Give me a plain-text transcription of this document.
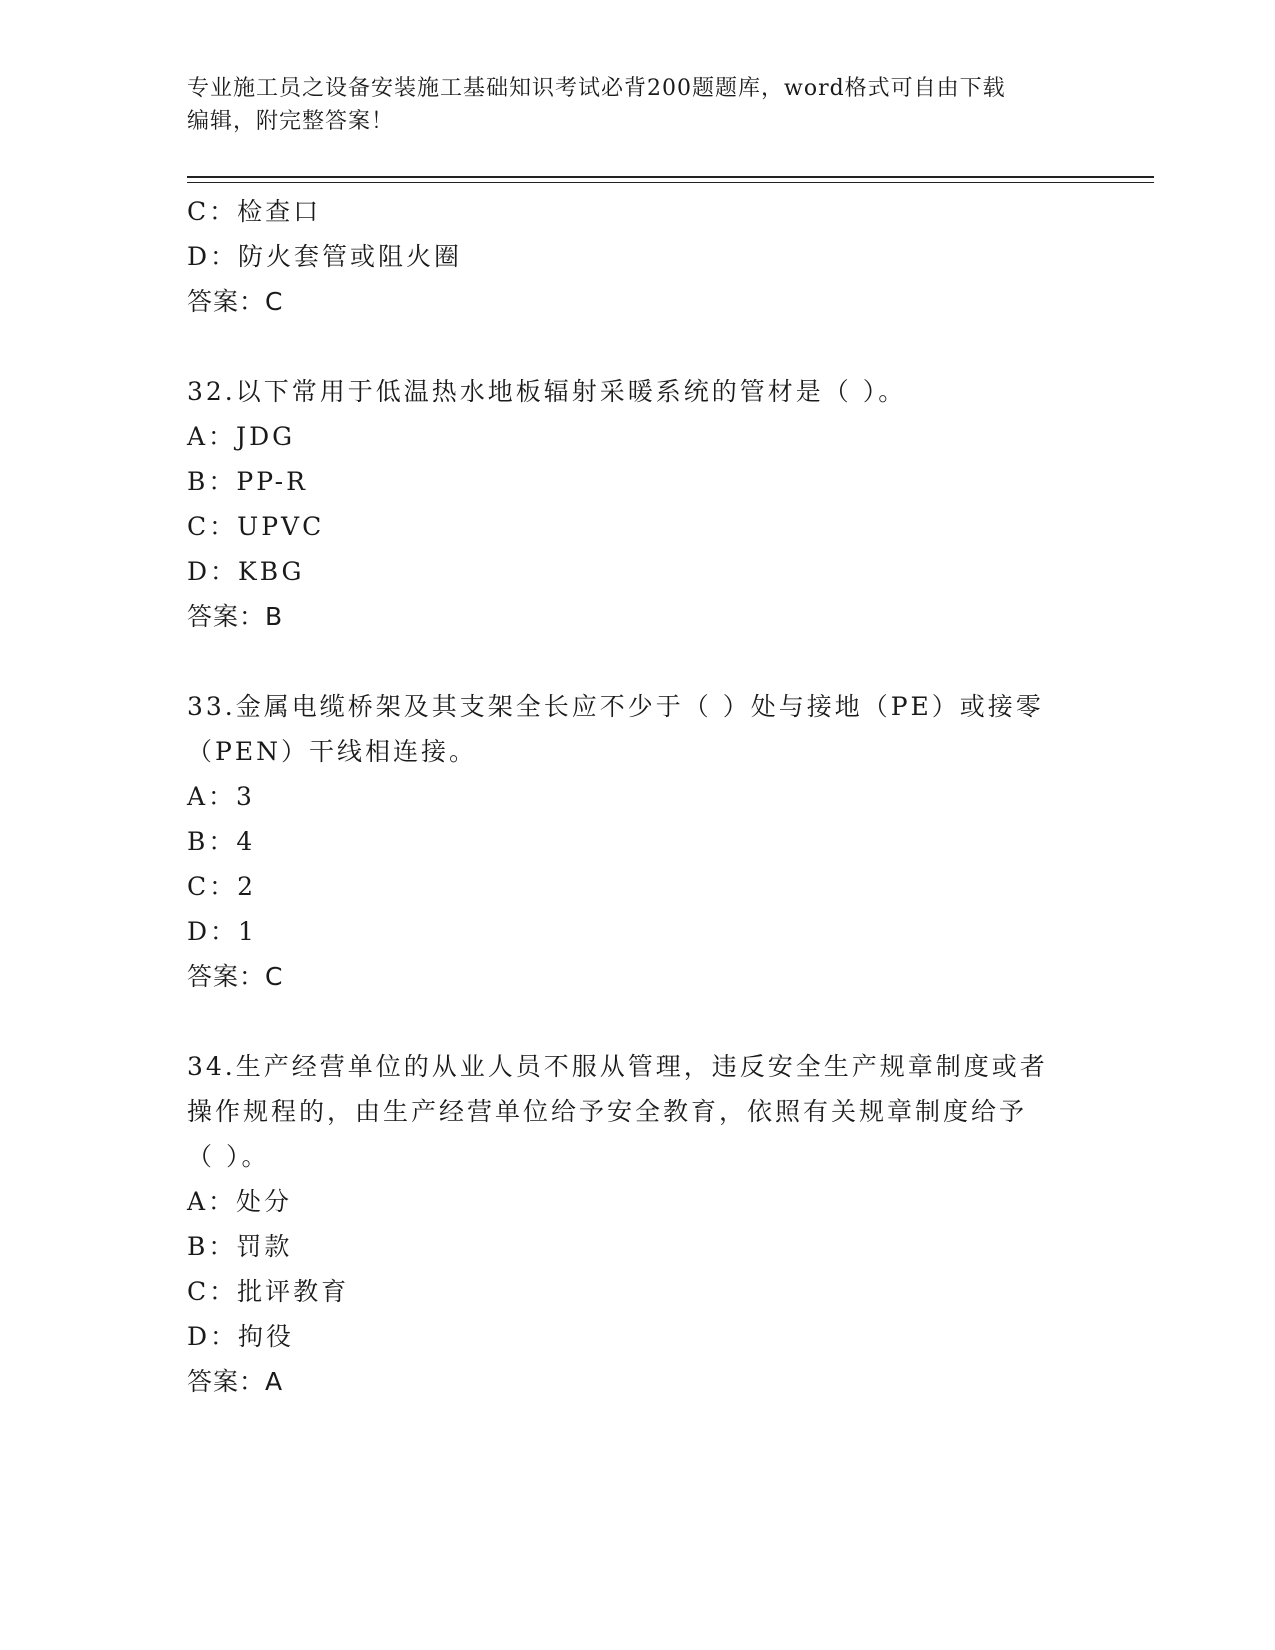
专业施工员之设备安装施工基础知识考试必背200题题库，word格式可自由下载
编辑，附完整答案！
C：检查口
D：防火套管或阻火圈
答案：C
32.以下常用于低温热水地板辐射采暖系统的管材是（ ）。
A：JDG
B：PP-R
C：UPVC
D：KBG
答案：B
33.金属电缆桥架及其支架全长应不少于（ ）处与接地（PE）或接零
（PEN）干线相连接。
A：3
B：4
C：2
D：1
答案：C
34.生产经营单位的从业人员不服从管理，违反安全生产规章制度或者
操作规程的，由生产经营单位给予安全教育，依照有关规章制度给予
（ ）。
A：处分
B：罚款
C：批评教育
D：拘役
答案：A
